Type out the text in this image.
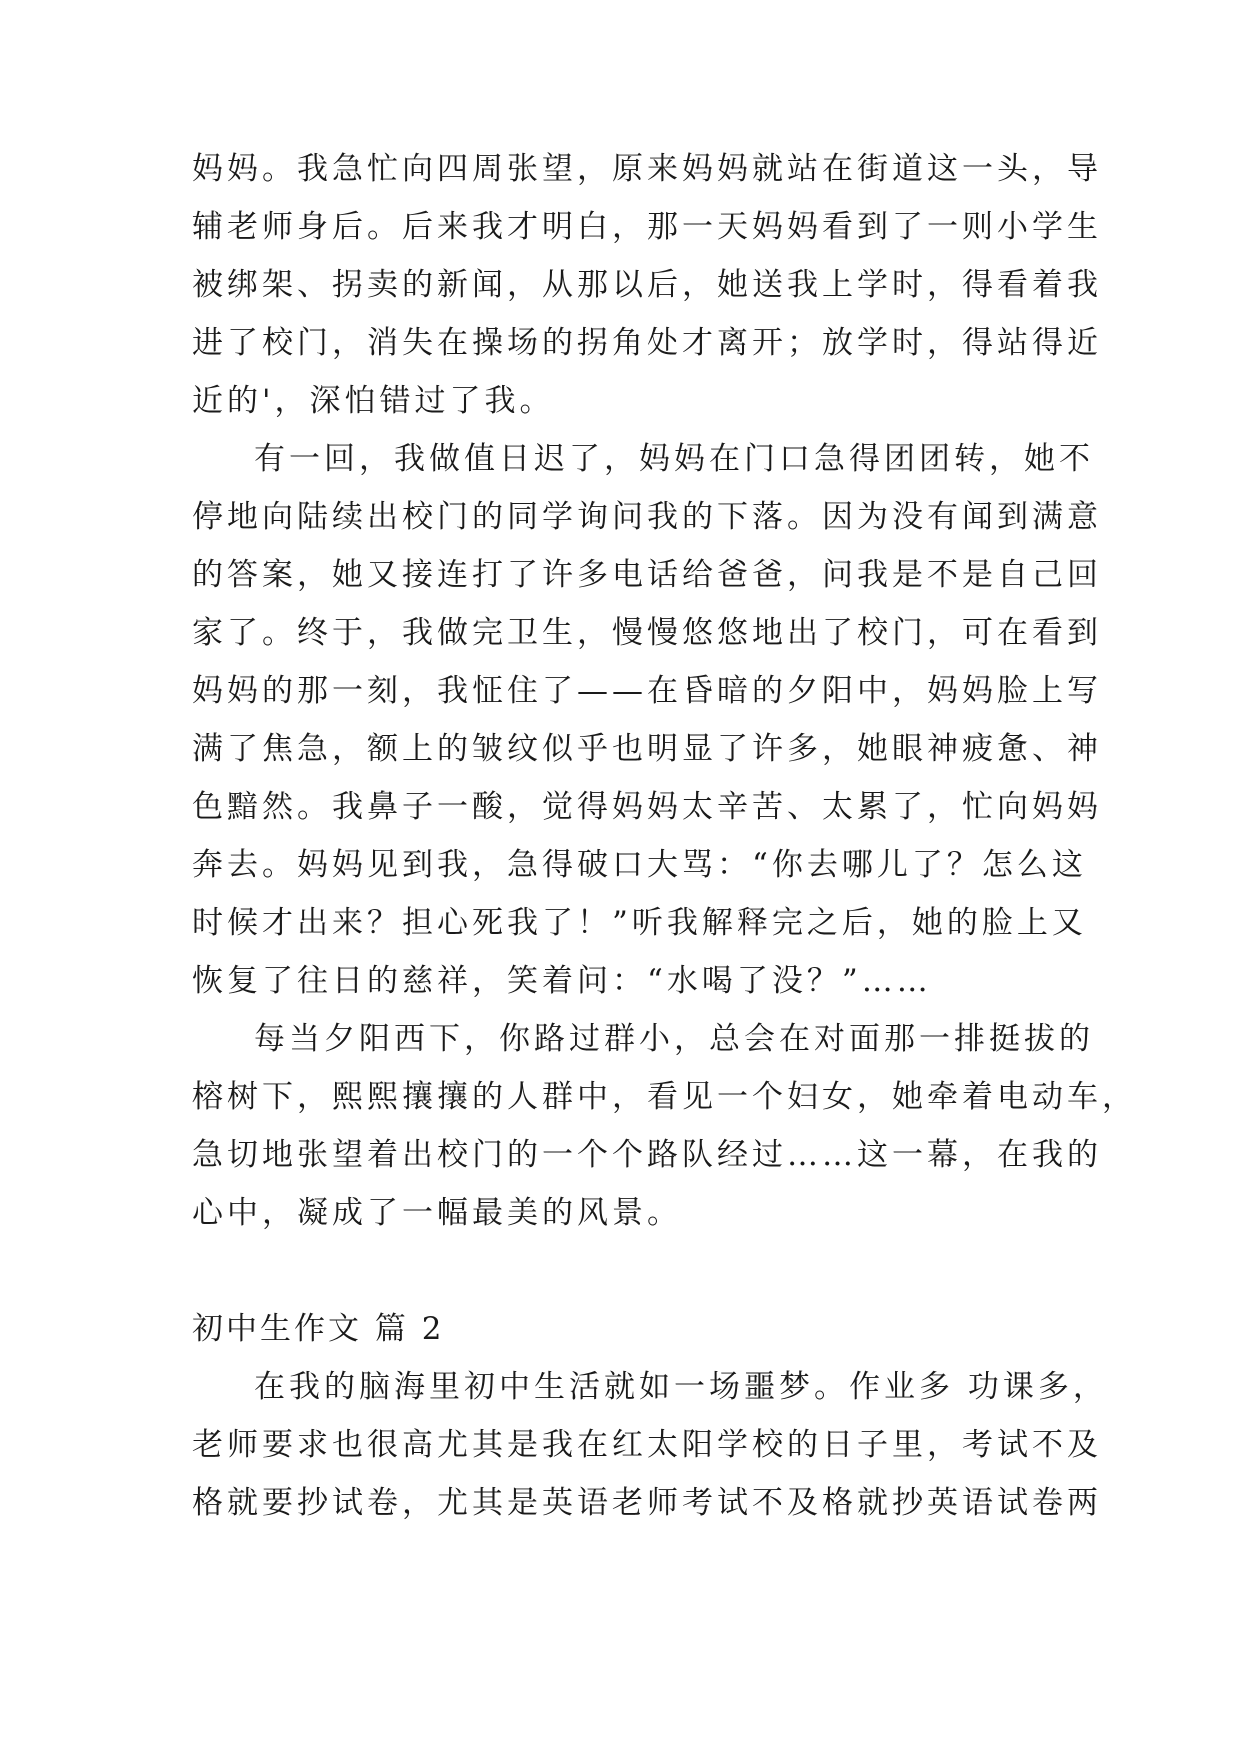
妈妈。我急忙向四周张望，原来妈妈就站在街道这一头，导
辅老师身后。后来我才明白，那一天妈妈看到了一则小学生
被绑架、拐卖的新闻，从那以后，她送我上学时，得看着我
进了校门，消失在操场的拐角处才离开；放学时，得站得近
近的'，深怕错过了我。
有一回，我做值日迟了，妈妈在门口急得团团转，她不
停地向陆续出校门的同学询问我的下落。因为没有闻到满意
的答案，她又接连打了许多电话给爸爸，问我是不是自己回
家了。终于，我做完卫生，慢慢悠悠地出了校门，可在看到
妈妈的那一刻，我怔住了——在昏暗的夕阳中，妈妈脸上写
满了焦急，额上的皱纹似乎也明显了许多，她眼神疲惫、神
色黯然。我鼻子一酸，觉得妈妈太辛苦、太累了，忙向妈妈
奔去。妈妈见到我，急得破口大骂：“你去哪儿了？怎么这
时候才出来？担心死我了！”听我解释完之后，她的脸上又
恢复了往日的慈祥，笑着问：“水喝了没？”……
每当夕阳西下，你路过群小，总会在对面那一排挺拔的
榕树下，熙熙攘攘的人群中，看见一个妇女，她牵着电动车，
急切地张望着出校门的一个个路队经过……这一幕，在我的
心中，凝成了一幅最美的风景。
初中生作文 篇 2
在我的脑海里初中生活就如一场噩梦。作业多 功课多，
老师要求也很高尤其是我在红太阳学校的日子里，考试不及
格就要抄试卷，尤其是英语老师考试不及格就抄英语试卷两
